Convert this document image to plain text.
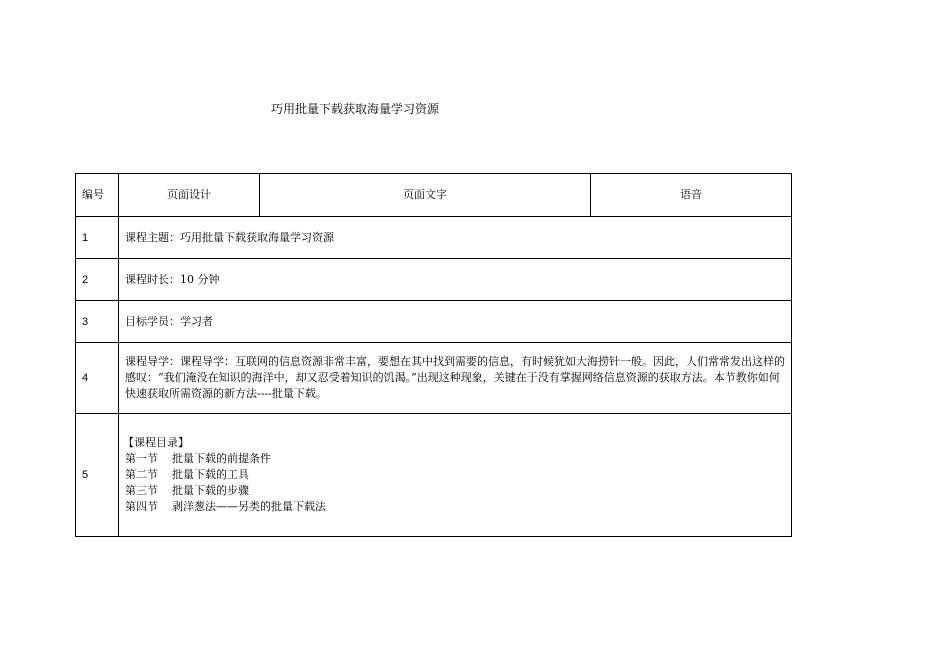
巧用批量下载获取海量学习资源
编号	页面设计	页面文字	语音
1	课程主题：巧用批量下载获取海量学习资源		
2	课程时长：10 分钟		
3	目标学员：学习者		
4	课程导学：课程导学：互联网的信息资源非常丰富，要想在其中找到需要的信息，有时候犹如大海捞针一般。因此，人们常常发出这样的感叹：“我们淹没在知识的海洋中，却又忍受着知识的饥渴。”出现这种现象，关键在于没有掌握网络信息资源的获取方法。本节教你如何快速获取所需资源的新方法----批量下载。		
5	【课程目录】
第一节    批量下载的前提条件
第二节    批量下载的工具
第三节    批量下载的步骤
第四节    剥洋葱法——另类的批量下载法		
